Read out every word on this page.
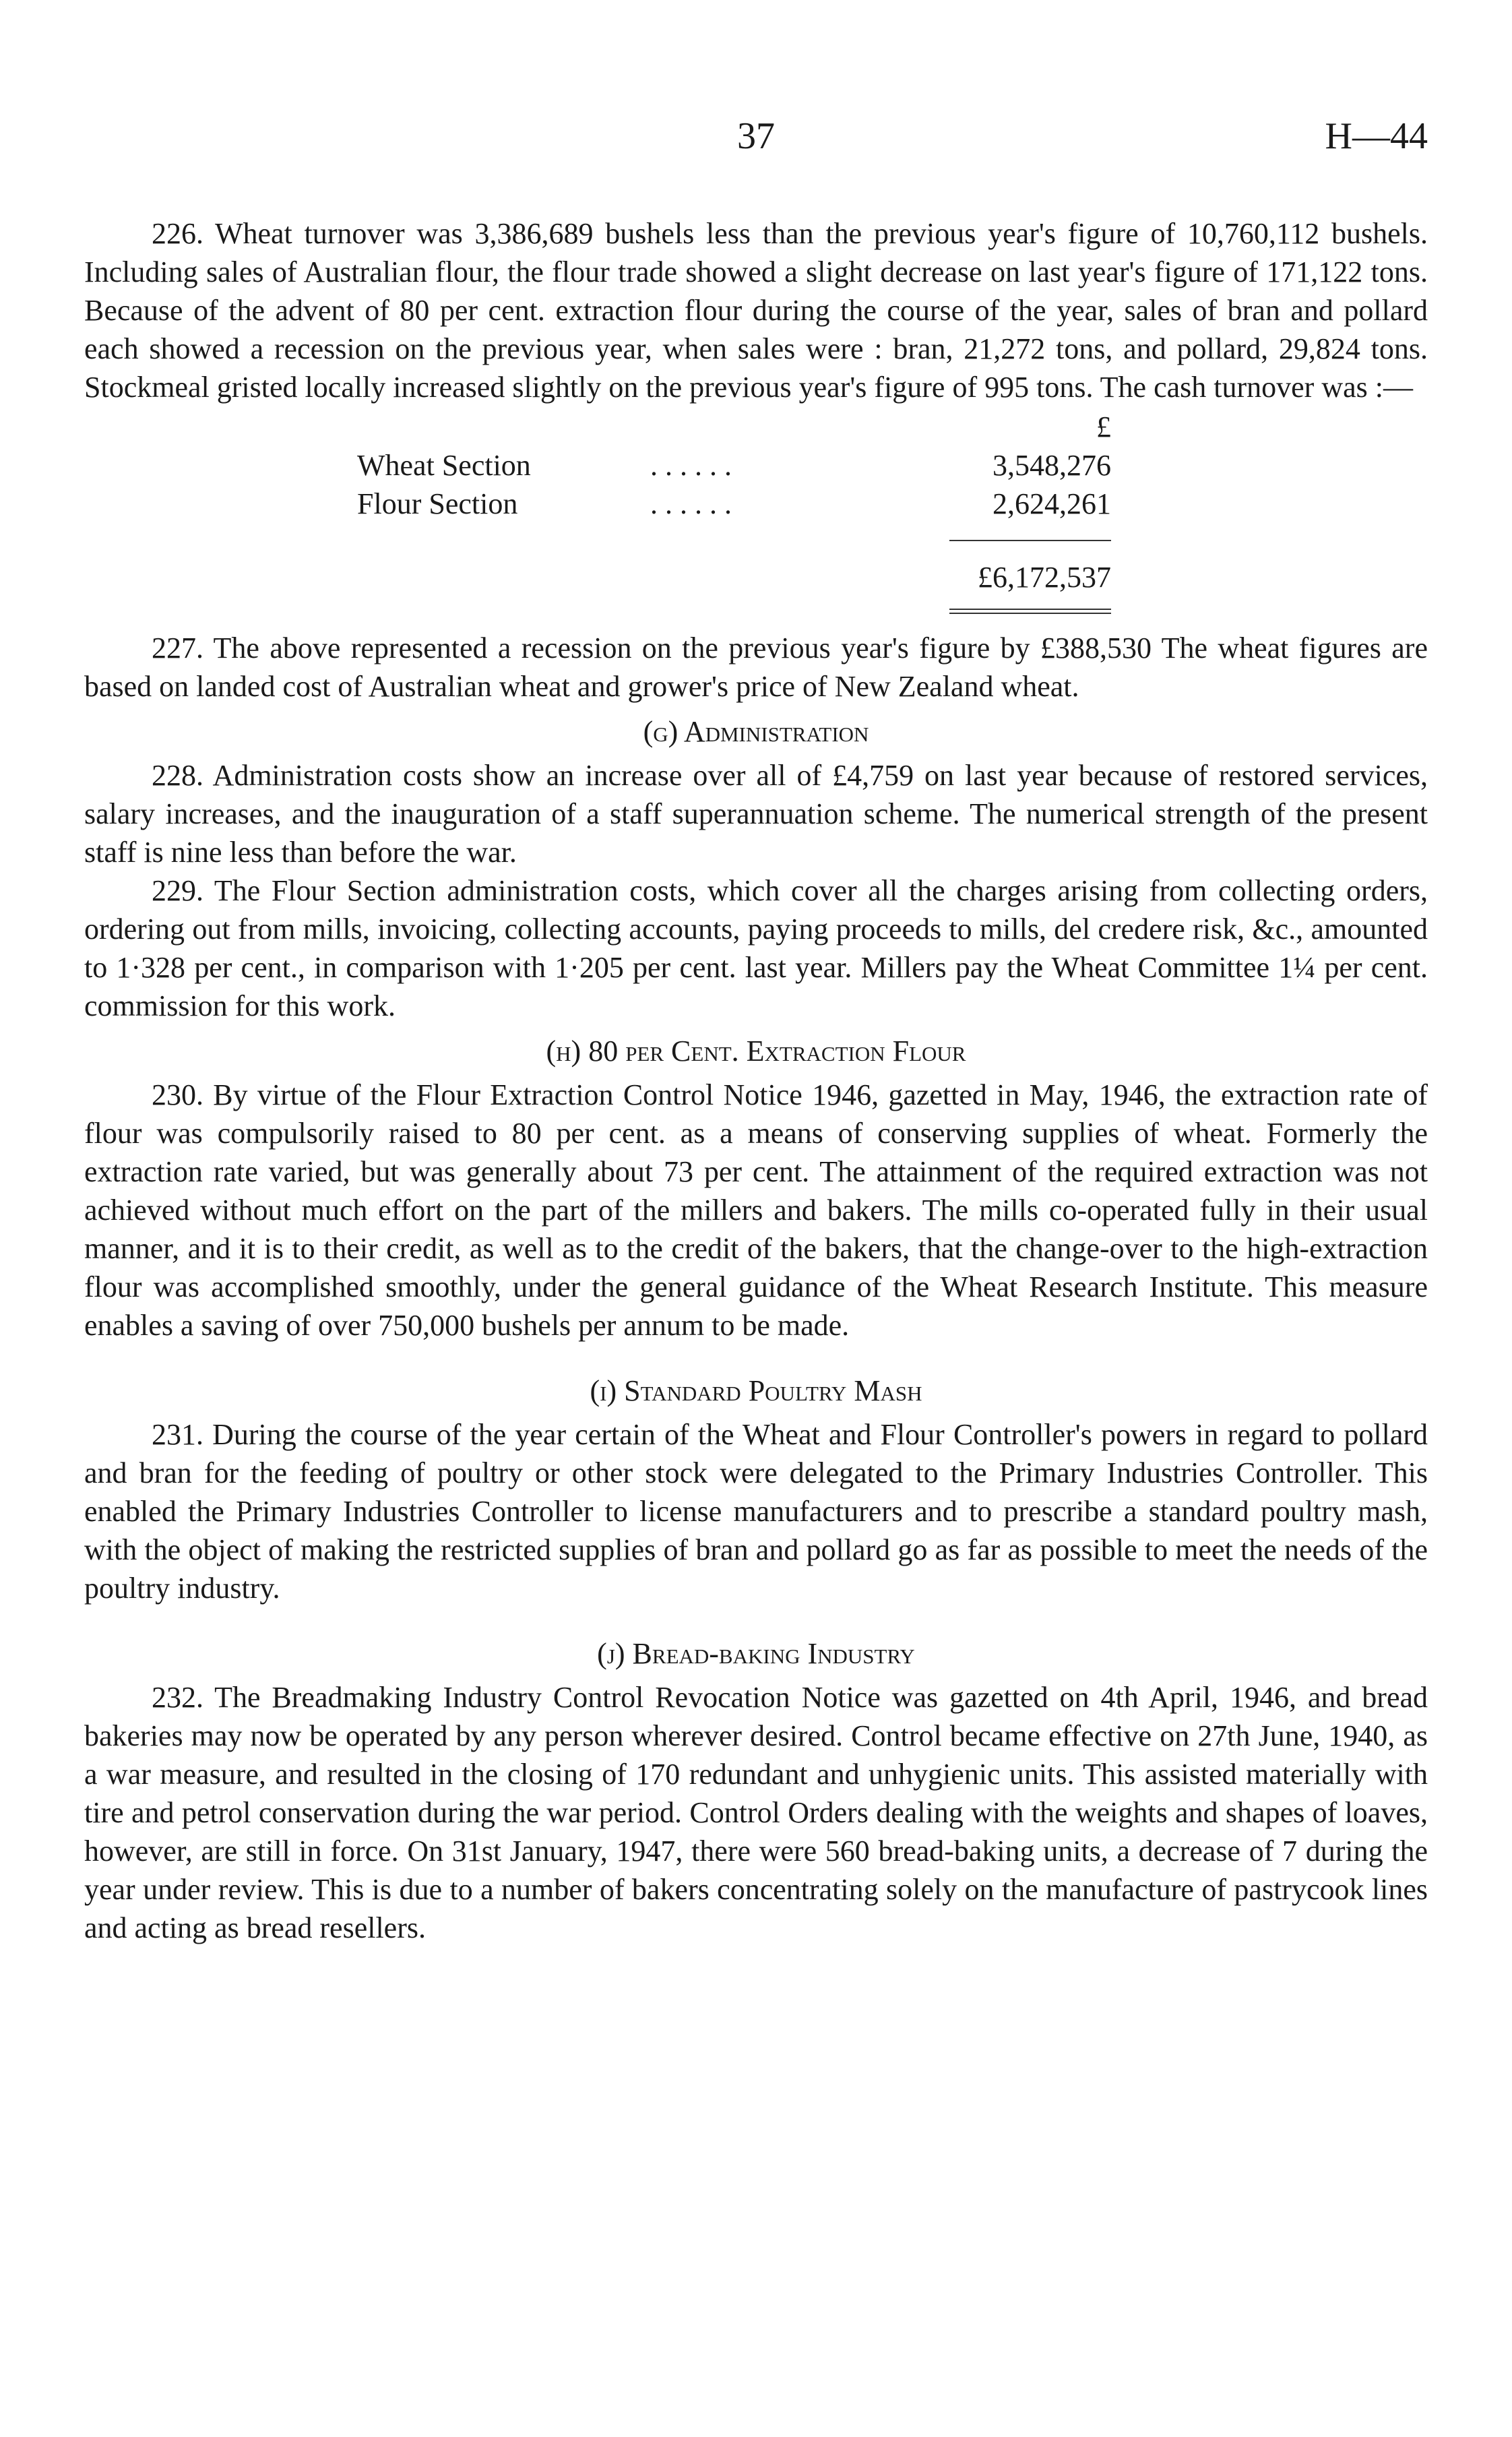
37	H—44

226. Wheat turnover was 3,386,689 bushels less than the previous year's figure of 10,760,112 bushels. Including sales of Australian flour, the flour trade showed a slight decrease on last year's figure of 171,122 tons. Because of the advent of 80 per cent. extraction flour during the course of the year, sales of bran and pollard each showed a recession on the previous year, when sales were : bran, 21,272 tons, and pollard, 29,824 tons. Stockmeal gristed locally increased slightly on the previous year's figure of 995 tons. The cash turnover was :—

£
Wheat Section	. . . . . .	3,548,276
Flour Section	. . . . . .	2,624,261
£6,172,537

227. The above represented a recession on the previous year's figure by £388,530 The wheat figures are based on landed cost of Australian wheat and grower's price of New Zealand wheat.

(g) Administration

228. Administration costs show an increase over all of £4,759 on last year because of restored services, salary increases, and the inauguration of a staff superannuation scheme. The numerical strength of the present staff is nine less than before the war.

229. The Flour Section administration costs, which cover all the charges arising from collecting orders, ordering out from mills, invoicing, collecting accounts, paying proceeds to mills, del credere risk, &c., amounted to 1·328 per cent., in comparison with 1·205 per cent. last year. Millers pay the Wheat Committee 1¼ per cent. commission for this work.

(h) 80 per Cent. Extraction Flour

230. By virtue of the Flour Extraction Control Notice 1946, gazetted in May, 1946, the extraction rate of flour was compulsorily raised to 80 per cent. as a means of conserving supplies of wheat. Formerly the extraction rate varied, but was generally about 73 per cent. The attainment of the required extraction was not achieved without much effort on the part of the millers and bakers. The mills co-operated fully in their usual manner, and it is to their credit, as well as to the credit of the bakers, that the change-over to the high-extraction flour was accomplished smoothly, under the general guidance of the Wheat Research Institute. This measure enables a saving of over 750,000 bushels per annum to be made.

(i) Standard Poultry Mash

231. During the course of the year certain of the Wheat and Flour Controller's powers in regard to pollard and bran for the feeding of poultry or other stock were delegated to the Primary Industries Controller. This enabled the Primary Industries Controller to license manufacturers and to prescribe a standard poultry mash, with the object of making the restricted supplies of bran and pollard go as far as possible to meet the needs of the poultry industry.

(j) Bread-baking Industry

232. The Breadmaking Industry Control Revocation Notice was gazetted on 4th April, 1946, and bread bakeries may now be operated by any person wherever desired. Control became effective on 27th June, 1940, as a war measure, and resulted in the closing of 170 redundant and unhygienic units. This assisted materially with tire and petrol conservation during the war period. Control Orders dealing with the weights and shapes of loaves, however, are still in force. On 31st January, 1947, there were 560 bread-baking units, a decrease of 7 during the year under review. This is due to a number of bakers concentrating solely on the manufacture of pastrycook lines and acting as bread resellers.
